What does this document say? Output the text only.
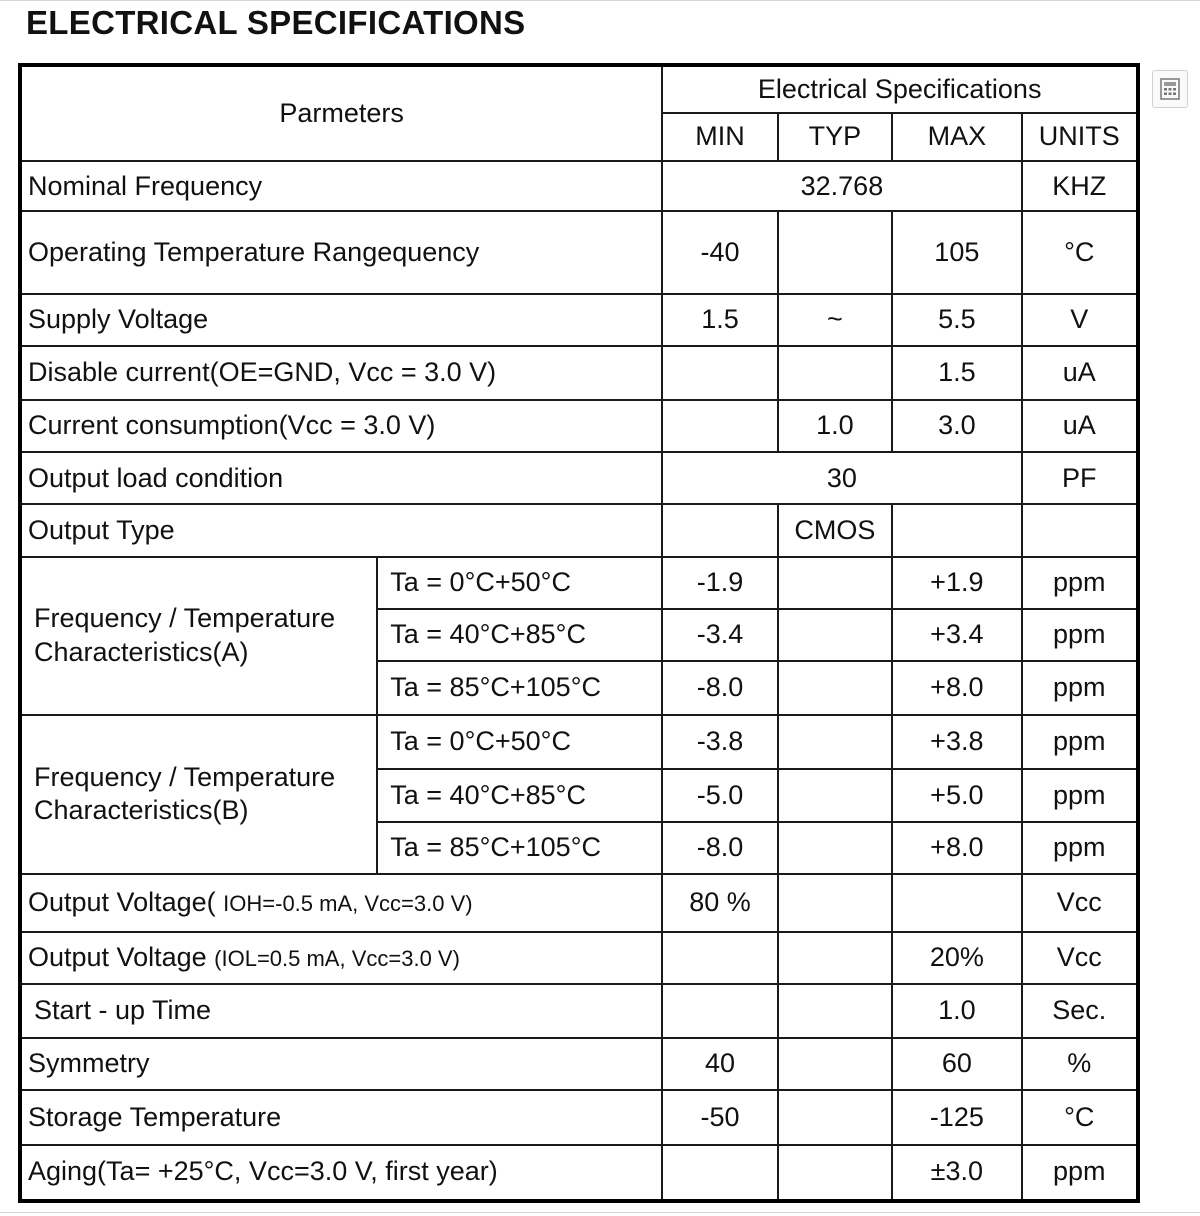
ELECTRICAL SPECIFICATIONS
Parmeters		Electrical Specifications			
		MIN	TYP	MAX	UNITS
Nominal Frequency		32.768			KHZ
Operating Temperature Rangequency		-40		105	°C
Supply Voltage		1.5	~	5.5	V
Disable current(OE=GND, Vcc = 3.0 V)				1.5	uA
Current consumption(Vcc = 3.0 V)			1.0	3.0	uA
Output load condition		30			PF
Output Type			CMOS		
Frequency / Temperature Characteristics(A)	Ta = 0°C+50°C	-1.9		+1.9	ppm
	Ta = 40°C+85°C	-3.4		+3.4	ppm
	Ta = 85°C+105°C	-8.0		+8.0	ppm
Frequency / Temperature Characteristics(B)	Ta = 0°C+50°C	-3.8		+3.8	ppm
	Ta = 40°C+85°C	-5.0		+5.0	ppm
	Ta = 85°C+105°C	-8.0		+8.0	ppm
Output Voltage( IOH=-0.5 mA, Vcc=3.0 V)		80 %			Vcc
Output Voltage (IOL=0.5 mA, Vcc=3.0 V)				20%	Vcc
Start - up Time				1.0	Sec.
Symmetry		40		60	%
Storage Temperature		-50		-125	°C
Aging(Ta= +25°C, Vcc=3.0 V, first year)				±3.0	ppm
